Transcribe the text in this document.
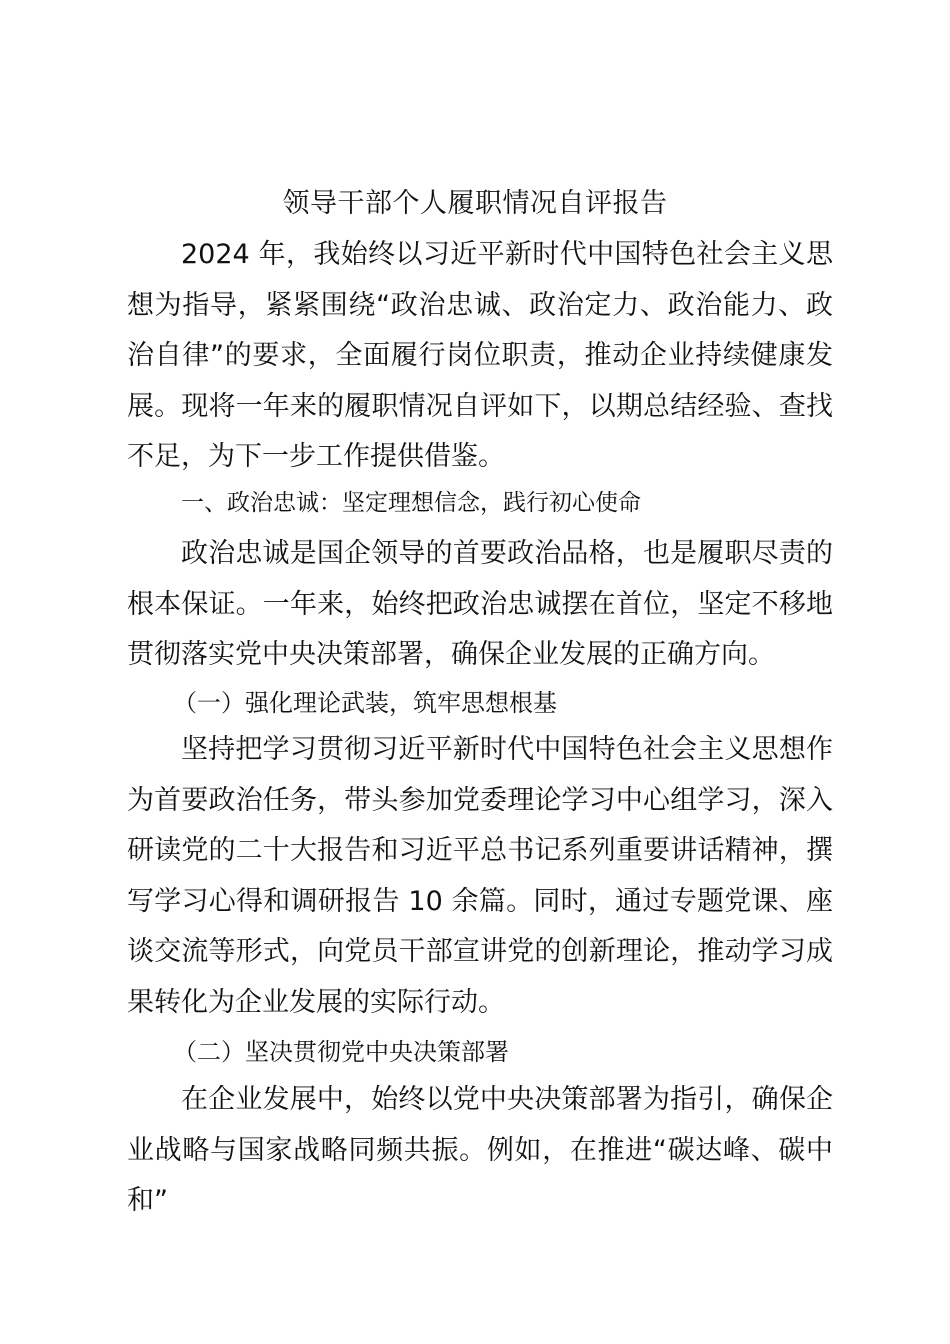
领导干部个人履职情况自评报告

2024 年，我始终以习近平新时代中国特色社会主义思想为指导，紧紧围绕“政治忠诚、政治定力、政治能力、政治自律”的要求，全面履行岗位职责，推动企业持续健康发展。现将一年来的履职情况自评如下，以期总结经验、查找不足，为下一步工作提供借鉴。

一、政治忠诚：坚定理想信念，践行初心使命

政治忠诚是国企领导的首要政治品格，也是履职尽责的根本保证。一年来，始终把政治忠诚摆在首位，坚定不移地贯彻落实党中央决策部署，确保企业发展的正确方向。

（一）强化理论武装，筑牢思想根基

坚持把学习贯彻习近平新时代中国特色社会主义思想作为首要政治任务，带头参加党委理论学习中心组学习，深入研读党的二十大报告和习近平总书记系列重要讲话精神，撰写学习心得和调研报告 10 余篇。同时，通过专题党课、座谈交流等形式，向党员干部宣讲党的创新理论，推动学习成果转化为企业发展的实际行动。

（二）坚决贯彻党中央决策部署

在企业发展中，始终以党中央决策部署为指引，确保企业战略与国家战略同频共振。例如，在推进“碳达峰、碳中和”
